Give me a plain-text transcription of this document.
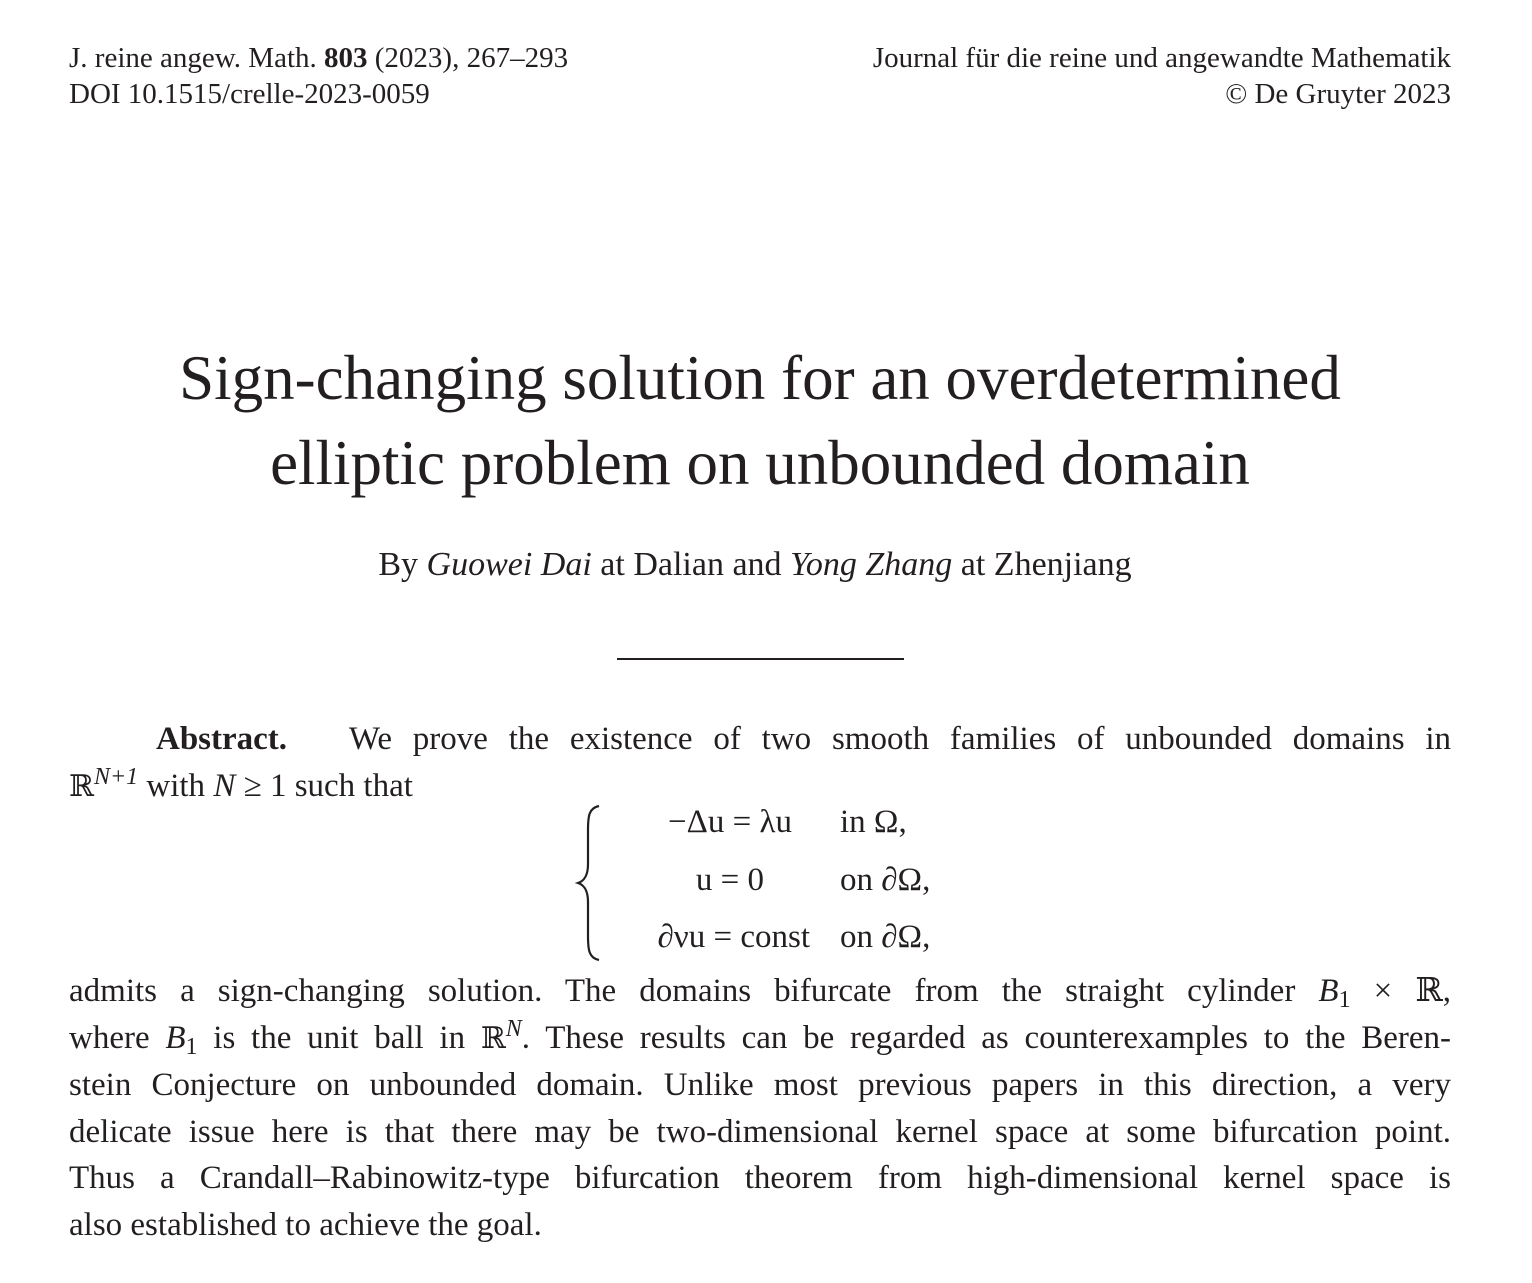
J. reine angew. Math. 803 (2023), 267–293
DOI 10.1515/crelle-2023-0059
Journal für die reine und angewandte Mathematik
© De Gruyter 2023
Sign-changing solution for an overdetermined
elliptic problem on unbounded domain
By Guowei Dai at Dalian and Yong Zhang at Zhenjiang
Abstract. We prove the existence of two smooth families of unbounded domains in
ℝ$^{N+1}$ with N ≥ 1 such that
−Δu = λu in Ω,
u = 0 on ∂Ω,
∂νu = const on ∂Ω,
admits a sign-changing solution. The domains bifurcate from the straight cylinder $B_1$ × ℝ,
where $B_1$ is the unit ball in ℝ$^N$. These results can be regarded as counterexamples to the Beren-
stein Conjecture on unbounded domain. Unlike most previous papers in this direction, a very
delicate issue here is that there may be two-dimensional kernel space at some bifurcation point.
Thus a Crandall–Rabinowitz-type bifurcation theorem from high-dimensional kernel space is
also established to achieve the goal.
